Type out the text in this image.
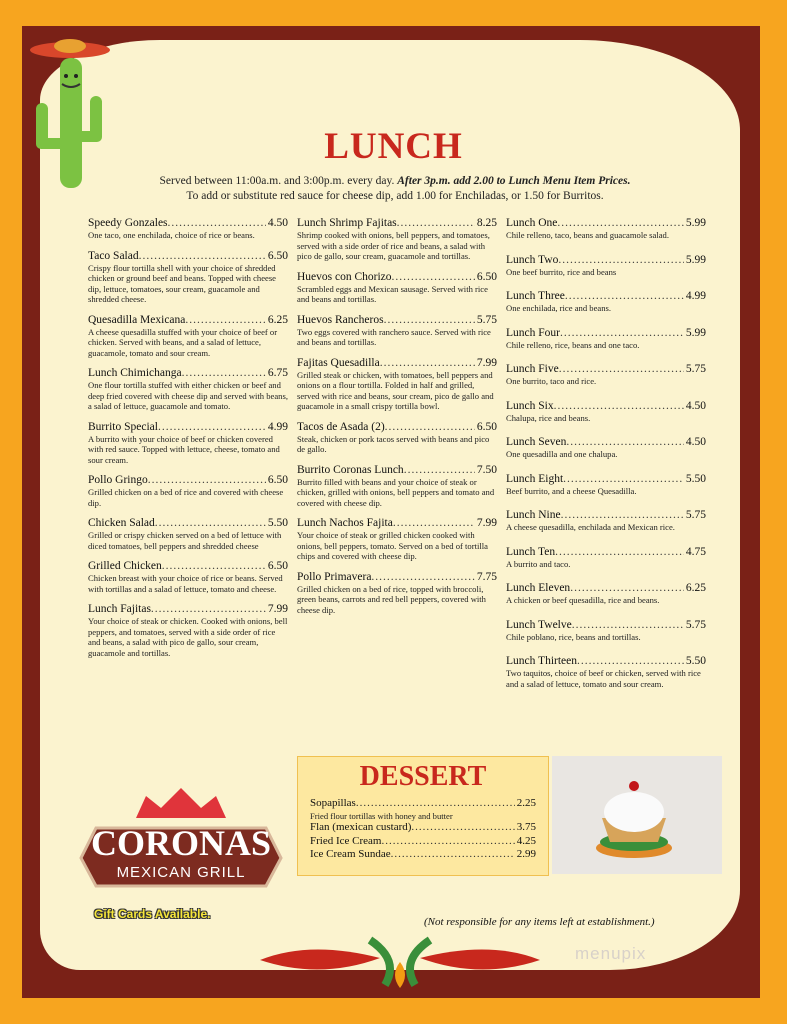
LUNCH
Served between 11:00a.m. and 3:00p.m. every day. After 3p.m. add 2.00 to Lunch Menu Item Prices.
To add or substitute red sauce for cheese dip, add 1.00 for Enchiladas, or 1.50 for Burritos.
Speedy Gonzales .....	4.50
One taco, one enchilada, choice of rice or beans.
Taco Salad .....	6.50
Crispy flour tortilla shell with your choice of shredded chicken or ground beef and beans. Topped with cheese dip, lettuce, tomatoes, sour cream, guacamole and shredded cheese.
Quesadilla Mexicana .....	6.25
A cheese quesadilla stuffed with your choice of beef or chicken. Served with beans, and a salad of lettuce, guacamole, tomato and sour cream.
Lunch Chimichanga .....	6.75
One flour tortilla stuffed with either chicken or beef and deep fried covered with cheese dip and served with beans, a salad of lettuce, guacamole and tomato.
Burrito Special .....	4.99
A burrito with your choice of beef or chicken covered with red sauce. Topped with lettuce, cheese, tomato and sour cream.
Pollo Gringo .....	6.50
Grilled chicken on a bed of rice and covered with cheese dip.
Chicken Salad .....	5.50
Grilled or crispy chicken served on a bed of lettuce with diced tomatoes, bell peppers and shredded cheese
Grilled Chicken .....	6.50
Chicken breast with your choice of rice or beans. Served with tortillas and a salad of lettuce, tomato and cheese.
Lunch Fajitas .....	7.99
Your choice of steak or chicken. Cooked with onions, bell peppers, and tomatoes, served with a side order of rice and beans, a salad with pico de gallo, sour cream, guacamole and tortillas.
Lunch Shrimp Fajitas .....	8.25
Shrimp cooked with onions, bell peppers, and tomatoes, served with a side order of rice and beans, a salad with pico de gallo, sour cream, guacamole and tortillas.
Huevos con Chorizo .....	6.50
Scrambled eggs and Mexican sausage. Served with rice and beans and tortillas.
Huevos Rancheros .....	5.75
Two eggs covered with ranchero sauce. Served with rice and beans and tortillas.
Fajitas Quesadilla .....	7.99
Grilled steak or chicken, with tomatoes, bell peppers and onions on a flour tortilla. Folded in half and grilled, served with rice and beans, sour cream, pico de gallo and guacamole in a small crispy tortilla bowl.
Tacos de Asada (2) .....	6.50
Steak, chicken or pork tacos served with beans and pico de gallo.
Burrito Coronas Lunch .....	7.50
Burrito filled with beans and your choice of steak or chicken, grilled with onions, bell peppers and tomato and covered with cheese dip.
Lunch Nachos Fajita .....	7.99
Your choice of steak or grilled chicken cooked with onions, bell peppers, tomato. Served on a bed of tortilla chips and covered with cheese dip.
Pollo Primavera .....	7.75
Grilled chicken on a bed of rice, topped with broccoli, green beans, carrots and red bell peppers, covered with cheese dip.
Lunch One .....	5.99
Chile relleno, taco, beans and guacamole salad.
Lunch Two .....	5.99
One beef burrito, rice and beans
Lunch Three .....	4.99
One enchilada, rice and beans.
Lunch Four .....	5.99
Chile relleno, rice, beans and one taco.
Lunch Five .....	5.75
One burrito, taco and rice.
Lunch Six .....	4.50
Chalupa, rice and beans.
Lunch Seven .....	4.50
One quesadilla and one chalupa.
Lunch Eight .....	5.50
Beef burrito, and a cheese Quesadilla.
Lunch Nine .....	5.75
A cheese quesadilla, enchilada and Mexican rice.
Lunch Ten .....	4.75
A burrito and taco.
Lunch Eleven .....	6.25
A chicken or beef quesadilla, rice and beans.
Lunch Twelve .....	5.75
Chile poblano, rice, beans and tortillas.
Lunch Thirteen .....	5.50
Two taquitos, choice of beef or chicken, served with rice and a salad of lettuce, tomato and sour cream.
CORONAS
MEXICAN GRILL
DESSERT
Sopapillas .....	2.25
Fried flour tortillas with honey and butter
Flan (mexican custard) .....	3.75
Fried Ice Cream .....	4.25
Ice Cream Sundae .....	2.99
Gift Cards Available.
(Not responsible for any items left at establishment.)
menupix
